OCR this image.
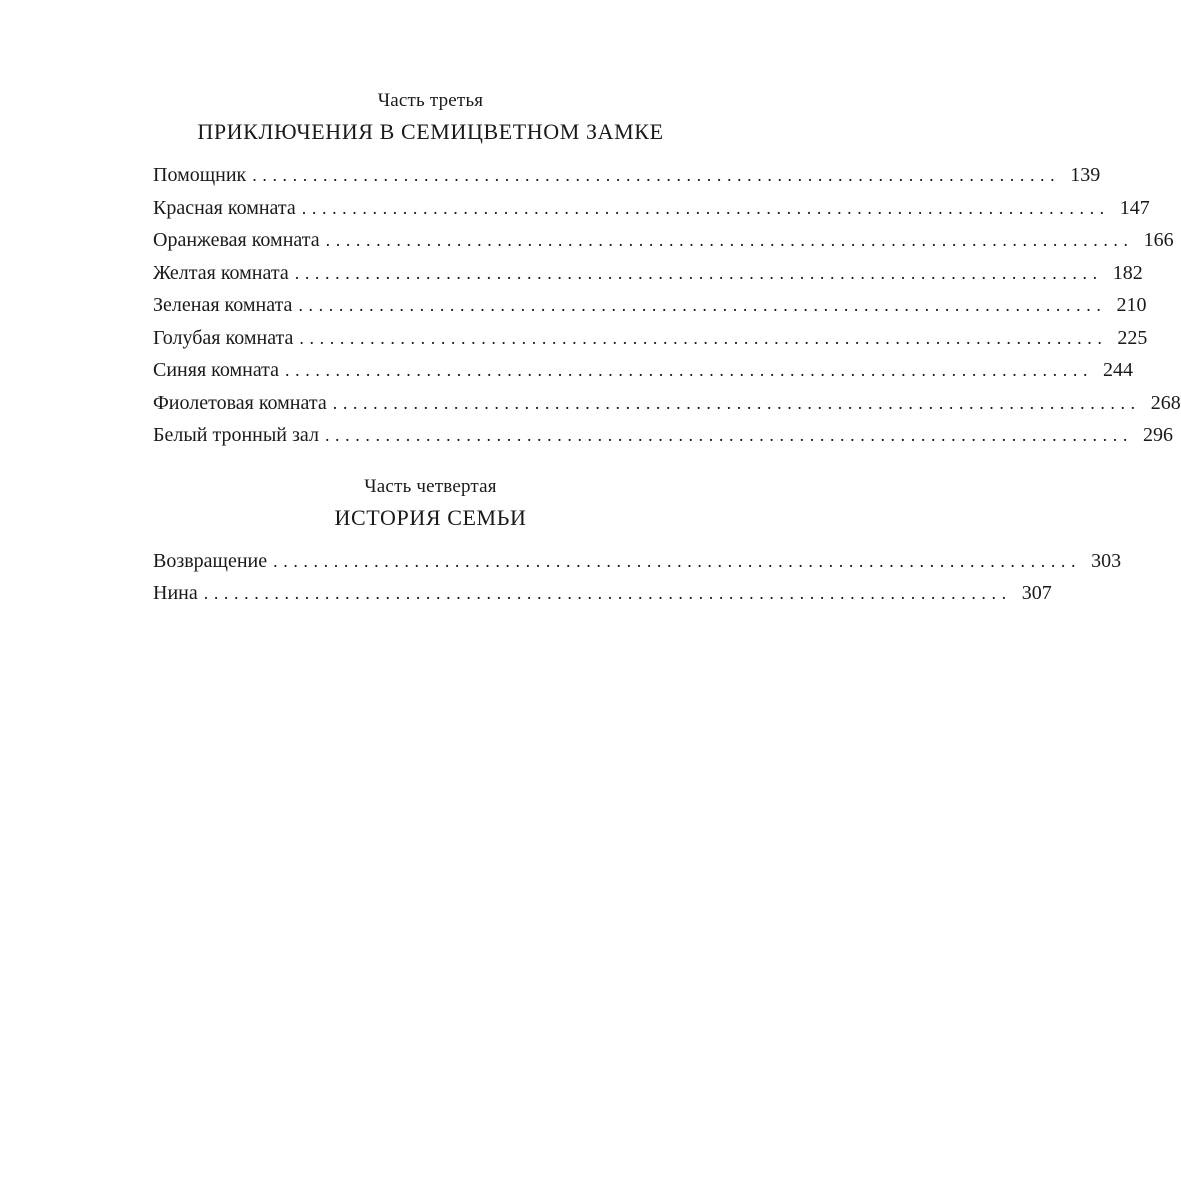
Часть третья
ПРИКЛЮЧЕНИЯ В СЕМИЦВЕТНОМ ЗАМКЕ
Помощник ................................................................................ 139
Красная комната ................................................................................ 147
Оранжевая комната ................................................................................ 166
Желтая комната ................................................................................ 182
Зеленая комната ................................................................................ 210
Голубая комната ................................................................................ 225
Синяя комната ................................................................................ 244
Фиолетовая комната ................................................................................ 268
Белый тронный зал ................................................................................ 296
Часть четвертая
ИСТОРИЯ СЕМЬИ
Возвращение ................................................................................ 303
Нина ................................................................................ 307
